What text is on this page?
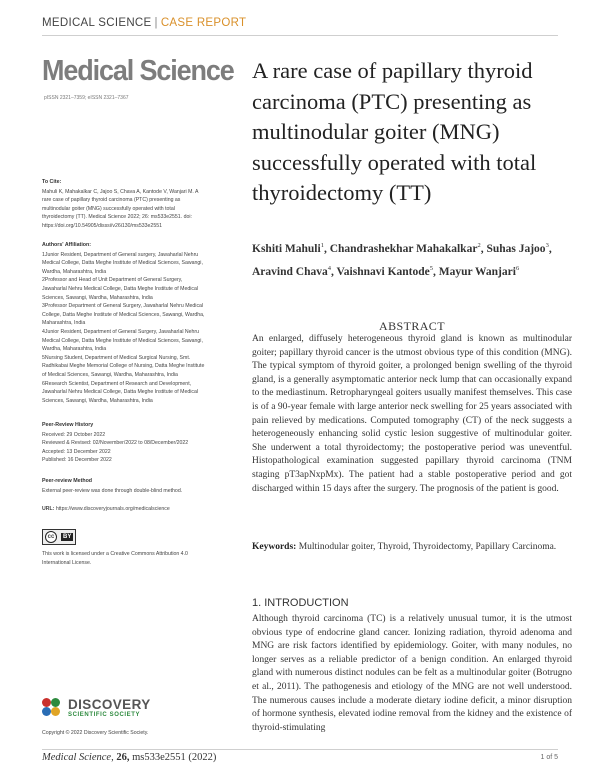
MEDICAL SCIENCE | CASE REPORT
Medical Science
pISSN 2321–7359; eISSN 2321–7367
A rare case of papillary thyroid carcinoma (PTC) presenting as multinodular goiter (MNG) successfully operated with total thyroidectomy (TT)
Kshiti Mahuli$^1$, Chandrashekhar Mahakalkar$^2$, Suhas Jajoo$^3$, Aravind Chava$^4$, Vaishnavi Kantode$^5$, Mayur Wanjari$^6$
To Cite:

Mahuli K, Mahakalkar C, Jajoo S, Chava A, Kantode V, Wanjari M. A rare case of papillary thyroid carcinoma (PTC) presenting as multinodular goiter (MNG) successfully operated with total thyroidectomy (TT). Medical Science 2022; 26: ms533e2551. doi: https://doi.org/10.54905/disssi/v26i130/ms533e2551

Authors' Affiliation:

1Junior Resident, Department of General surgery, Jawaharlal Nehru Medical College, Datta Meghe Institute of Medical Sciences, Sawangi, Wardha, Maharashtra, India

2Professor and Head of Unit Department of General Surgery, Jawaharlal Nehru Medical College, Datta Meghe Institute of Medical Sciences, Sawangi, Wardha, Maharashtra, India

3Professor Department of General Surgery, Jawaharlal Nehru Medical College, Datta Meghe Institute of Medical Sciences, Sawangi, Wardha, Maharashtra, India

4Junior Resident, Department of General Surgery, Jawaharlal Nehru Medical College, Datta Meghe Institute of Medical Sciences, Sawangi, Wardha, Maharashtra, India

5Nursing Student, Department of Medical Surgical Nursing, Smt. Radhikabai Meghe Memorial College of Nursing, Datta Meghe Institute of Medical Sciences, Sawangi, Wardha, Maharashtra, India

6Research Scientist, Department of Research and Development, Jawaharlal Nehru Medical College, Datta Meghe Institute of Medical Sciences, Sawangi, Wardha, Maharashtra, India

Peer-Review History

Received: 29 October 2022

Reviewed & Revised: 02/November/2022 to 08/December/2022

Accepted: 13 December 2022

Published: 16 December 2022

Peer-review Method

External peer-review was done through double-blind method.

URL: https://www.discoveryjournals.org/medicalscience

cc	BY

This work is licensed under a Creative Commons Attribution 4.0 International License.

DISCOVERY
SCIENTIFIC SOCIETY
Copyright © 2022 Discovery Scientific Society.
ABSTRACT

An enlarged, diffusely heterogeneous thyroid gland is known as multinodular goiter; papillary thyroid cancer is the utmost obvious type of this condition (MNG). The typical symptom of thyroid goiter, a prolonged benign swelling of the thyroid gland, is a generally asymptomatic anterior neck lump that can occasionally expand to the mediastinum. Retropharyngeal goiters usually manifest themselves. This case is of a 90-year female with large anterior neck swelling for 25 years associated with pain relieved by medications. Computed tomography (CT) of the neck suggests a heterogeneously enhancing solid cystic lesion suggestive of multinodular goiter. She underwent a total thyroidectomy; the postoperative period was uneventful. Histopathological examination suggested papillary thyroid carcinoma (TNM staging pT3apNxpMx). The patient had a stable postoperative period and got discharged within 15 days after the surgery. The prognosis of the patient is good.

Keywords: Multinodular goiter, Thyroid, Thyroidectomy, Papillary Carcinoma.

1. INTRODUCTION

Although thyroid carcinoma (TC) is a relatively unusual tumor, it is the utmost obvious type of endocrine gland cancer. Ionizing radiation, thyroid adenoma and MNG are risk factors identified by epidemiology. Goiter, with many nodules, no longer serves as a reliable predictor of a benign condition. An enlarged thyroid gland with numerous distinct nodules can be felt as a multinodular goiter (Botrugno et al., 2011). The pathogenesis and etiology of the MNG are not well understood. The numerous causes include a moderate dietary iodine deficit, a minor disruption of hormone synthesis, elevated iodine removal from the kidney and the existence of thyroid-stimulating

Medical Science, 26, ms533e2551 (2022)	1 of 5
